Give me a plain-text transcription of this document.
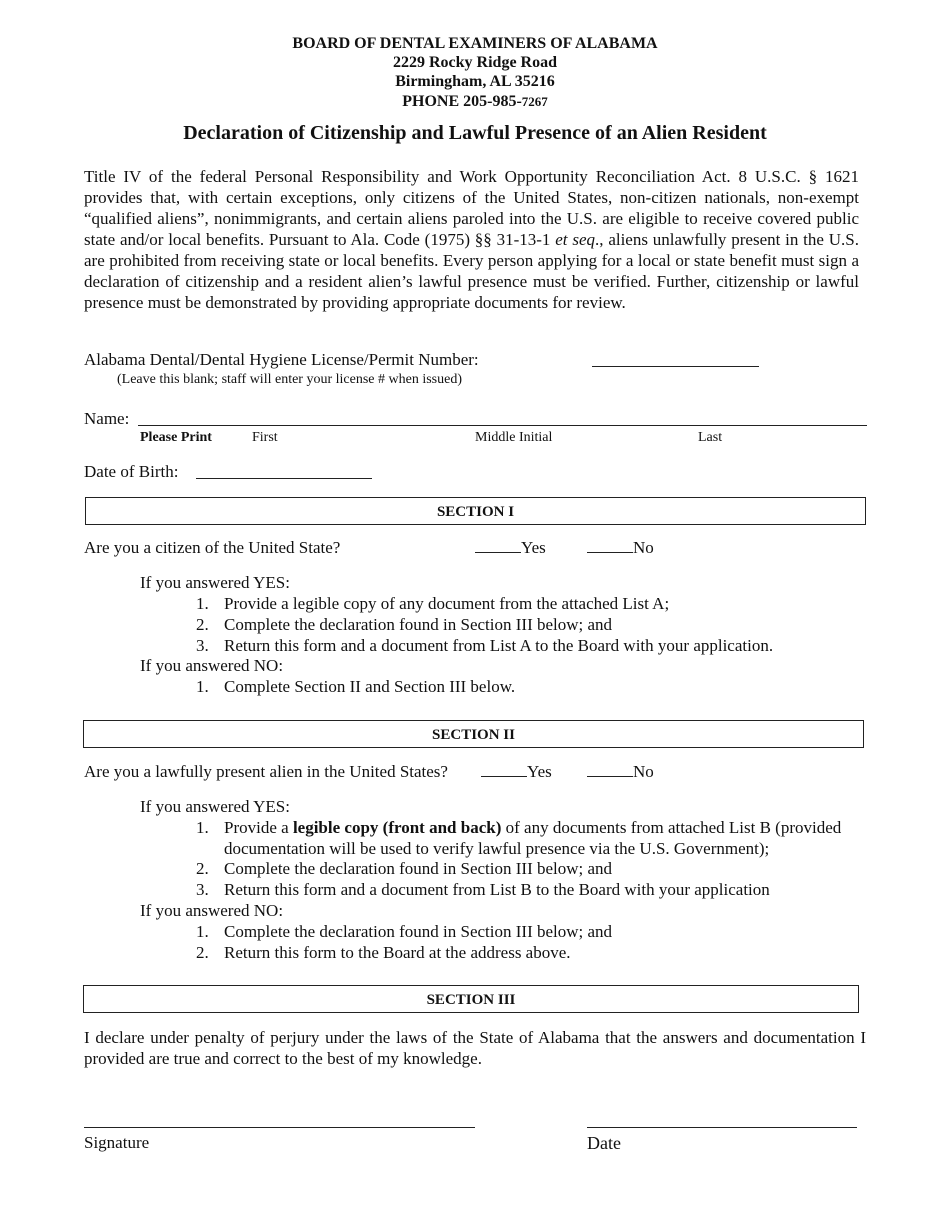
BOARD OF DENTAL EXAMINERS OF ALABAMA
2229 Rocky Ridge Road
Birmingham, AL 35216
PHONE 205-985-7267
Declaration of Citizenship and Lawful Presence of an Alien Resident
Title IV of the federal Personal Responsibility and Work Opportunity Reconciliation Act. 8 U.S.C. § 1621 provides that, with certain exceptions, only citizens of the United States, non-citizen nationals, non-exempt “qualified aliens”, nonimmigrants, and certain aliens paroled into the U.S. are eligible to receive covered public state and/or local benefits. Pursuant to Ala. Code (1975) §§ 31-13-1 et seq., aliens unlawfully present in the U.S. are prohibited from receiving state or local benefits. Every person applying for a local or state benefit must sign a declaration of citizenship and a resident alien’s lawful presence must be verified. Further, citizenship or lawful presence must be demonstrated by providing appropriate documents for review.
Alabama Dental/Dental Hygiene License/Permit Number:
(Leave this blank; staff will enter your license # when issued)
Name:
Please Print	First	Middle Initial	Last
Date of Birth:
SECTION I
Are you a citizen of the United State?	Yes	No
If you answered YES:
1. Provide a legible copy of any document from the attached List A;
2. Complete the declaration found in Section III below; and
3. Return this form and a document from List A to the Board with your application.
If you answered NO:
1. Complete Section II and Section III below.
SECTION II
Are you a lawfully present alien in the United States?	Yes	No
If you answered YES:
1. Provide a legible copy (front and back) of any documents from attached List B (provided
documentation will be used to verify lawful presence via the U.S. Government);
2. Complete the declaration found in Section III below; and
3. Return this form and a document from List B to the Board with your application
If you answered NO:
1. Complete the declaration found in Section III below; and
2. Return this form to the Board at the address above.
SECTION III
I declare under penalty of perjury under the laws of the State of Alabama that the answers and documentation I provided are true and correct to the best of my knowledge.
Signature	Date
